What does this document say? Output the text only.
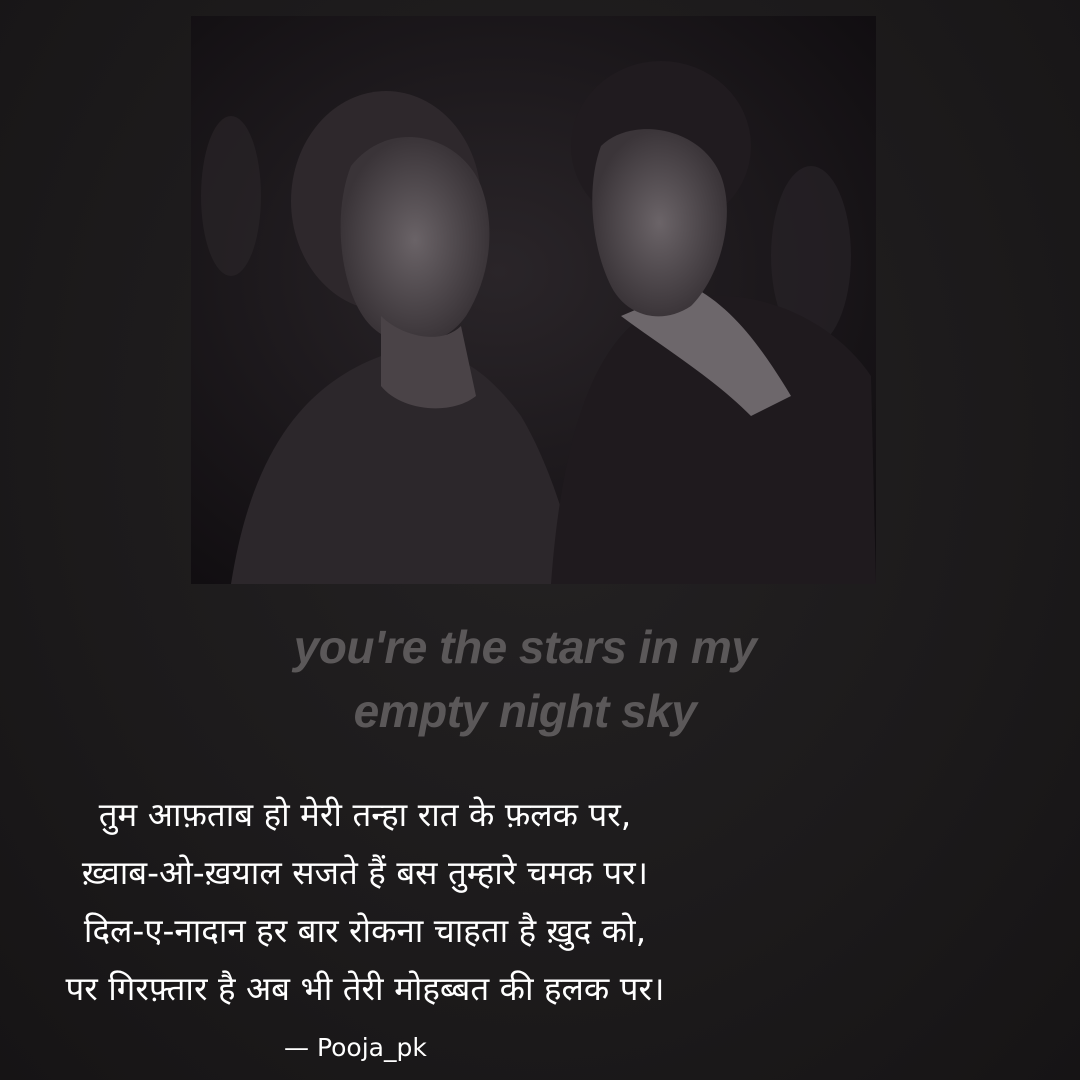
you're the stars in my
empty night sky
तुम आफ़ताब हो मेरी तन्हा रात के फ़लक पर,
ख़्वाब-ओ-ख़याल सजते हैं बस तुम्हारे चमक पर।
दिल-ए-नादान हर बार रोकना चाहता है ख़ुद को,
पर गिरफ़्तार है अब भी तेरी मोहब्बत की हलक पर।
— Pooja_pk
